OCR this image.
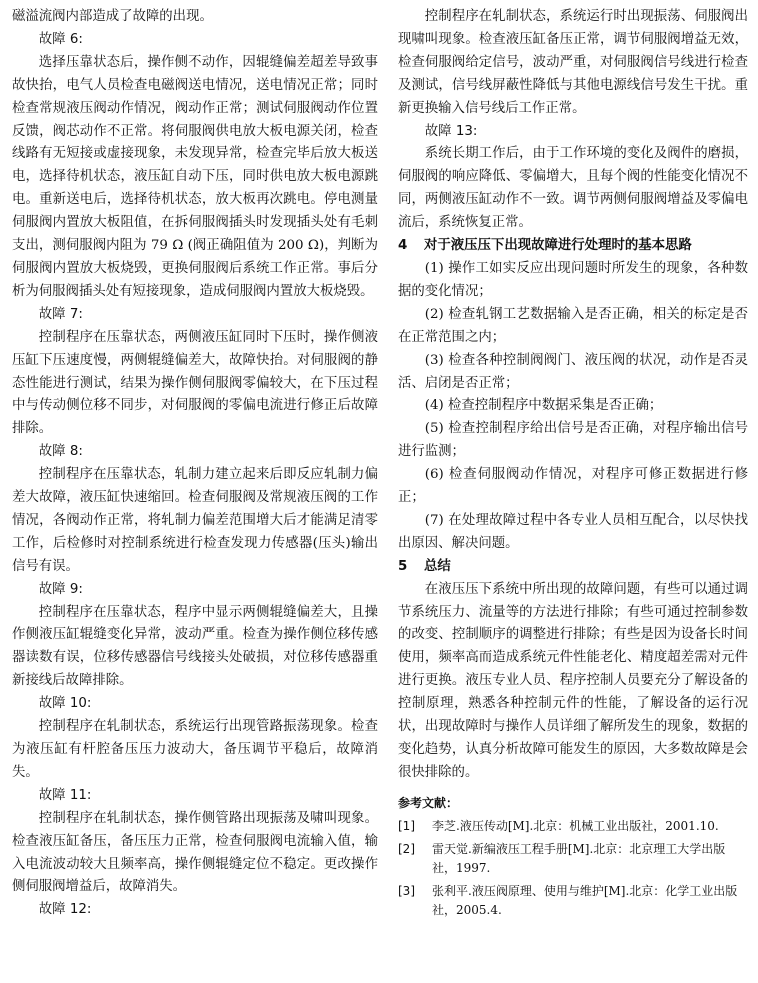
磁溢流阀内部造成了故障的出现。
故障 6:
选择压靠状态后，操作侧不动作，因辊缝偏差超差导致事故快抬，电气人员检查电磁阀送电情况，送电情况正常；同时检查常规液压阀动作情况，阀动作正常；测试伺服阀动作位置反馈，阀芯动作不正常。将伺服阀供电放大板电源关闭，检查线路有无短接或虚接现象，未发现异常，检查完毕后放大板送电，选择待机状态，液压缸自动下压，同时供电放大板电源跳电。重新送电后，选择待机状态，放大板再次跳电。停电测量伺服阀内置放大板阻值，在拆伺服阀插头时发现插头处有毛刺支出，测伺服阀内阻为 79 Ω (阀正确阻值为 200 Ω)，判断为伺服阀内置放大板烧毁，更换伺服阀后系统工作正常。事后分析为伺服阀插头处有短接现象，造成伺服阀内置放大板烧毁。
故障 7:
控制程序在压靠状态，两侧液压缸同时下压时，操作侧液压缸下压速度慢，两侧辊缝偏差大，故障快抬。对伺服阀的静态性能进行测试，结果为操作侧伺服阀零偏较大，在下压过程中与传动侧位移不同步，对伺服阀的零偏电流进行修正后故障排除。
故障 8:
控制程序在压靠状态，轧制力建立起来后即反应轧制力偏差大故障，液压缸快速缩回。检查伺服阀及常规液压阀的工作情况，各阀动作正常，将轧制力偏差范围增大后才能满足清零工作，后检修时对控制系统进行检查发现力传感器(压头)输出信号有误。
故障 9:
控制程序在压靠状态，程序中显示两侧辊缝偏差大，且操作侧液压缸辊缝变化异常，波动严重。检查为操作侧位移传感器读数有误，位移传感器信号线接头处破损，对位移传感器重新接线后故障排除。
故障 10:
控制程序在轧制状态，系统运行出现管路振荡现象。检查为液压缸有杆腔备压压力波动大，备压调节平稳后，故障消失。
故障 11:
控制程序在轧制状态，操作侧管路出现振荡及啸叫现象。检查液压缸备压，备压压力正常，检查伺服阀电流输入值，输入电流波动较大且频率高，操作侧辊缝定位不稳定。更改操作侧伺服阀增益后，故障消失。
故障 12:
控制程序在轧制状态，系统运行时出现振荡、伺服阀出现啸叫现象。检查液压缸备压正常，调节伺服阀增益无效，检查伺服阀给定信号，波动严重，对伺服阀信号线进行检查及测试，信号线屏蔽性降低与其他电源线信号发生干扰。重新更换输入信号线后工作正常。
故障 13:
系统长期工作后，由于工作环境的变化及阀件的磨损，伺服阀的响应降低、零偏增大，且每个阀的性能变化情况不同，两侧液压缸动作不一致。调节两侧伺服阀增益及零偏电流后，系统恢复正常。
4 对于液压压下出现故障进行处理时的基本思路
(1) 操作工如实反应出现问题时所发生的现象，各种数据的变化情况；
(2) 检查轧钢工艺数据输入是否正确，相关的标定是否在正常范围之内；
(3) 检查各种控制阀阀门、液压阀的状况，动作是否灵活、启闭是否正常；
(4) 检查控制程序中数据采集是否正确；
(5) 检查控制程序给出信号是否正确，对程序输出信号进行监测；
(6) 检查伺服阀动作情况，对程序可修正数据进行修正；
(7) 在处理故障过程中各专业人员相互配合，以尽快找出原因、解决问题。
5 总结
在液压压下系统中所出现的故障问题，有些可以通过调节系统压力、流量等的方法进行排除；有些可通过控制参数的改变、控制顺序的调整进行排除；有些是因为设备长时间使用，频率高而造成系统元件性能老化、精度超差需对元件进行更换。液压专业人员、程序控制人员要充分了解设备的控制原理，熟悉各种控制元件的性能，了解设备的运行况状，出现故障时与操作人员详细了解所发生的现象，数据的变化趋势，认真分析故障可能发生的原因，大多数故障是会很快排除的。
参考文献：
[1]	李芝.液压传动[M].北京：机械工业出版社，2001.10.
[2]	雷天觉.新编液压工程手册[M].北京：北京理工大学出版社，1997.
[3]	张利平.液压阀原理、使用与维护[M].北京：化学工业出版社，2005.4.
